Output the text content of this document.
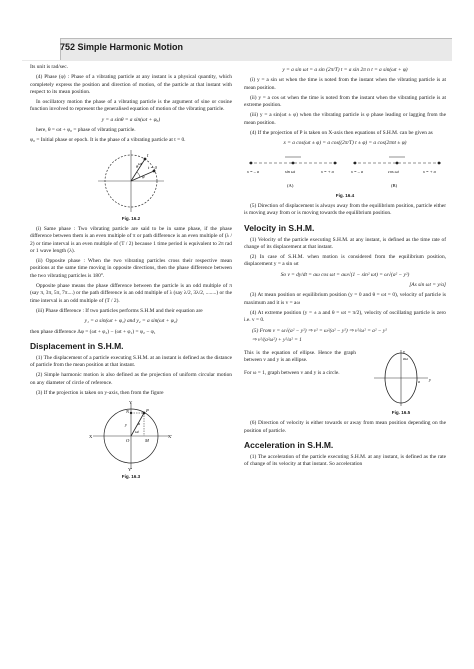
752 Simple Harmonic Motion

Its unit is rad/sec.

(4) Phase (φ) : Phase of a vibrating particle at any instant is a physical quantity, which completely express the position and direction of motion, of the particle at that instant with respect to its mean position.

In oscillatory motion the phase of a vibrating particle is the argument of sine or cosine function involved to represent the generalised equation of motion of the vibrating particle.

y = a sinθ = a sin(ωt + φ₀)

here, θ = ωt + φ₀ = phase of vibrating particle.

φ₀ = Initial phase or epoch. It is the phase of a vibrating particle at t = 0.

t
t = 0
φ
θ
ωt
Fig. 16.2

(i) Same phase : Two vibrating particle are said to be in same phase, if the phase difference between them is an even multiple of π or path difference is an even multiple of (λ / 2) or time interval is an even multiple of (T / 2) because 1 time period is equivalent to 2π rad or 1 wave length (λ).

(ii) Opposite phase : When the two vibrating particles cross their respective mean positions at the same time moving in opposite directions, then the phase difference between the two vibrating particles is 180°.

Opposite phase means the phase difference between the particle is an odd multiple of π (say π, 3π, 5π, 7π....) or the path difference is an odd multiple of λ (say λ/2, 3λ/2, ........) or the time interval is an odd multiple of (T / 2).

(iii) Phase difference : If two particles performs S.H.M and their equation are

y₁ = a sin(ωt + φ₁) and y₂ = a sin(ωt + φ₂)

then phase difference Δφ = (ωt + φ₂) − (ωt + φ₁) = φ₂ − φ₁

Displacement in S.H.M.

(1) The displacement of a particle executing S.H.M. at an instant is defined as the distance of particle from the mean position at that instant.

(2) Simple harmonic motion is also defined as the projection of uniform circular motion on any diameter of circle of reference.

(3) If the projection is taken on y-axis, then from the figure

Y
Y'
X	X'
N	P
O	M
a
y
ωt
Fig. 16.3
y = a sin ωt = a sin (2π/T) t = a sin 2π n t = a sin(ωt + φ)

(i) y = a sin ωt when the time is noted from the instant when the vibrating particle is at mean position.

(ii) y = a cos ωt when the time is noted from the instant when the vibrating particle is at extreme position.

(iii) y = a sin(ωt ± φ) when the vibrating particle is φ phase leading or lagging from the mean position.

(4) If the projection of P is taken on X-axis then equations of S.H.M. can be given as

x = a cos(ωt ± φ) = a cos((2π/T) t ± φ) = a cos(2πnt ± φ)
x = – a	sin ωt	x = + a	x = – a	cos ωt	x = + a
(A)	(B)
Fig. 16.4

(5) Direction of displacement is always away from the equilibrium position, particle either is moving away from or is moving towards the equilibrium position.

Velocity in S.H.M.

(1) Velocity of the particle executing S.H.M. at any instant, is defined as the time rate of change of its displacement at that instant.

(2) In case of S.H.M. when motion is considered from the equilibrium position, displacement y = a sin ωt

So v = dy/dt = aω cos ωt = aω√(1 − sin² ωt) = ω√(a² − y²)
[As sin ωt = y/a]

(3) At mean position or equilibrium position (y = 0 and θ = ωt = 0), velocity of particle is maximum and it is v = aω

(4) At extreme position (y = ± a and θ = ωt = π/2), velocity of oscillating particle is zero i.e. v = 0.

(5) From v = ω√(a² − y²) ⇒ v² = ω²(a² − y²) ⇒ v²/ω² = a² − y²
⇒ v²/(a²ω²) + y²/a² = 1

This is the equation of ellipse. Hence the graph between v and y is an ellipse.

For ω = 1, graph between v and y is a circle.

v
y
aω
a
Fig. 16.5

(6) Direction of velocity is either towards or away from mean position depending on the position of particle.

Acceleration in S.H.M.

(1) The acceleration of the particle executing S.H.M. at any instant, is defined as the rate of change of its velocity at that instant. So acceleration
